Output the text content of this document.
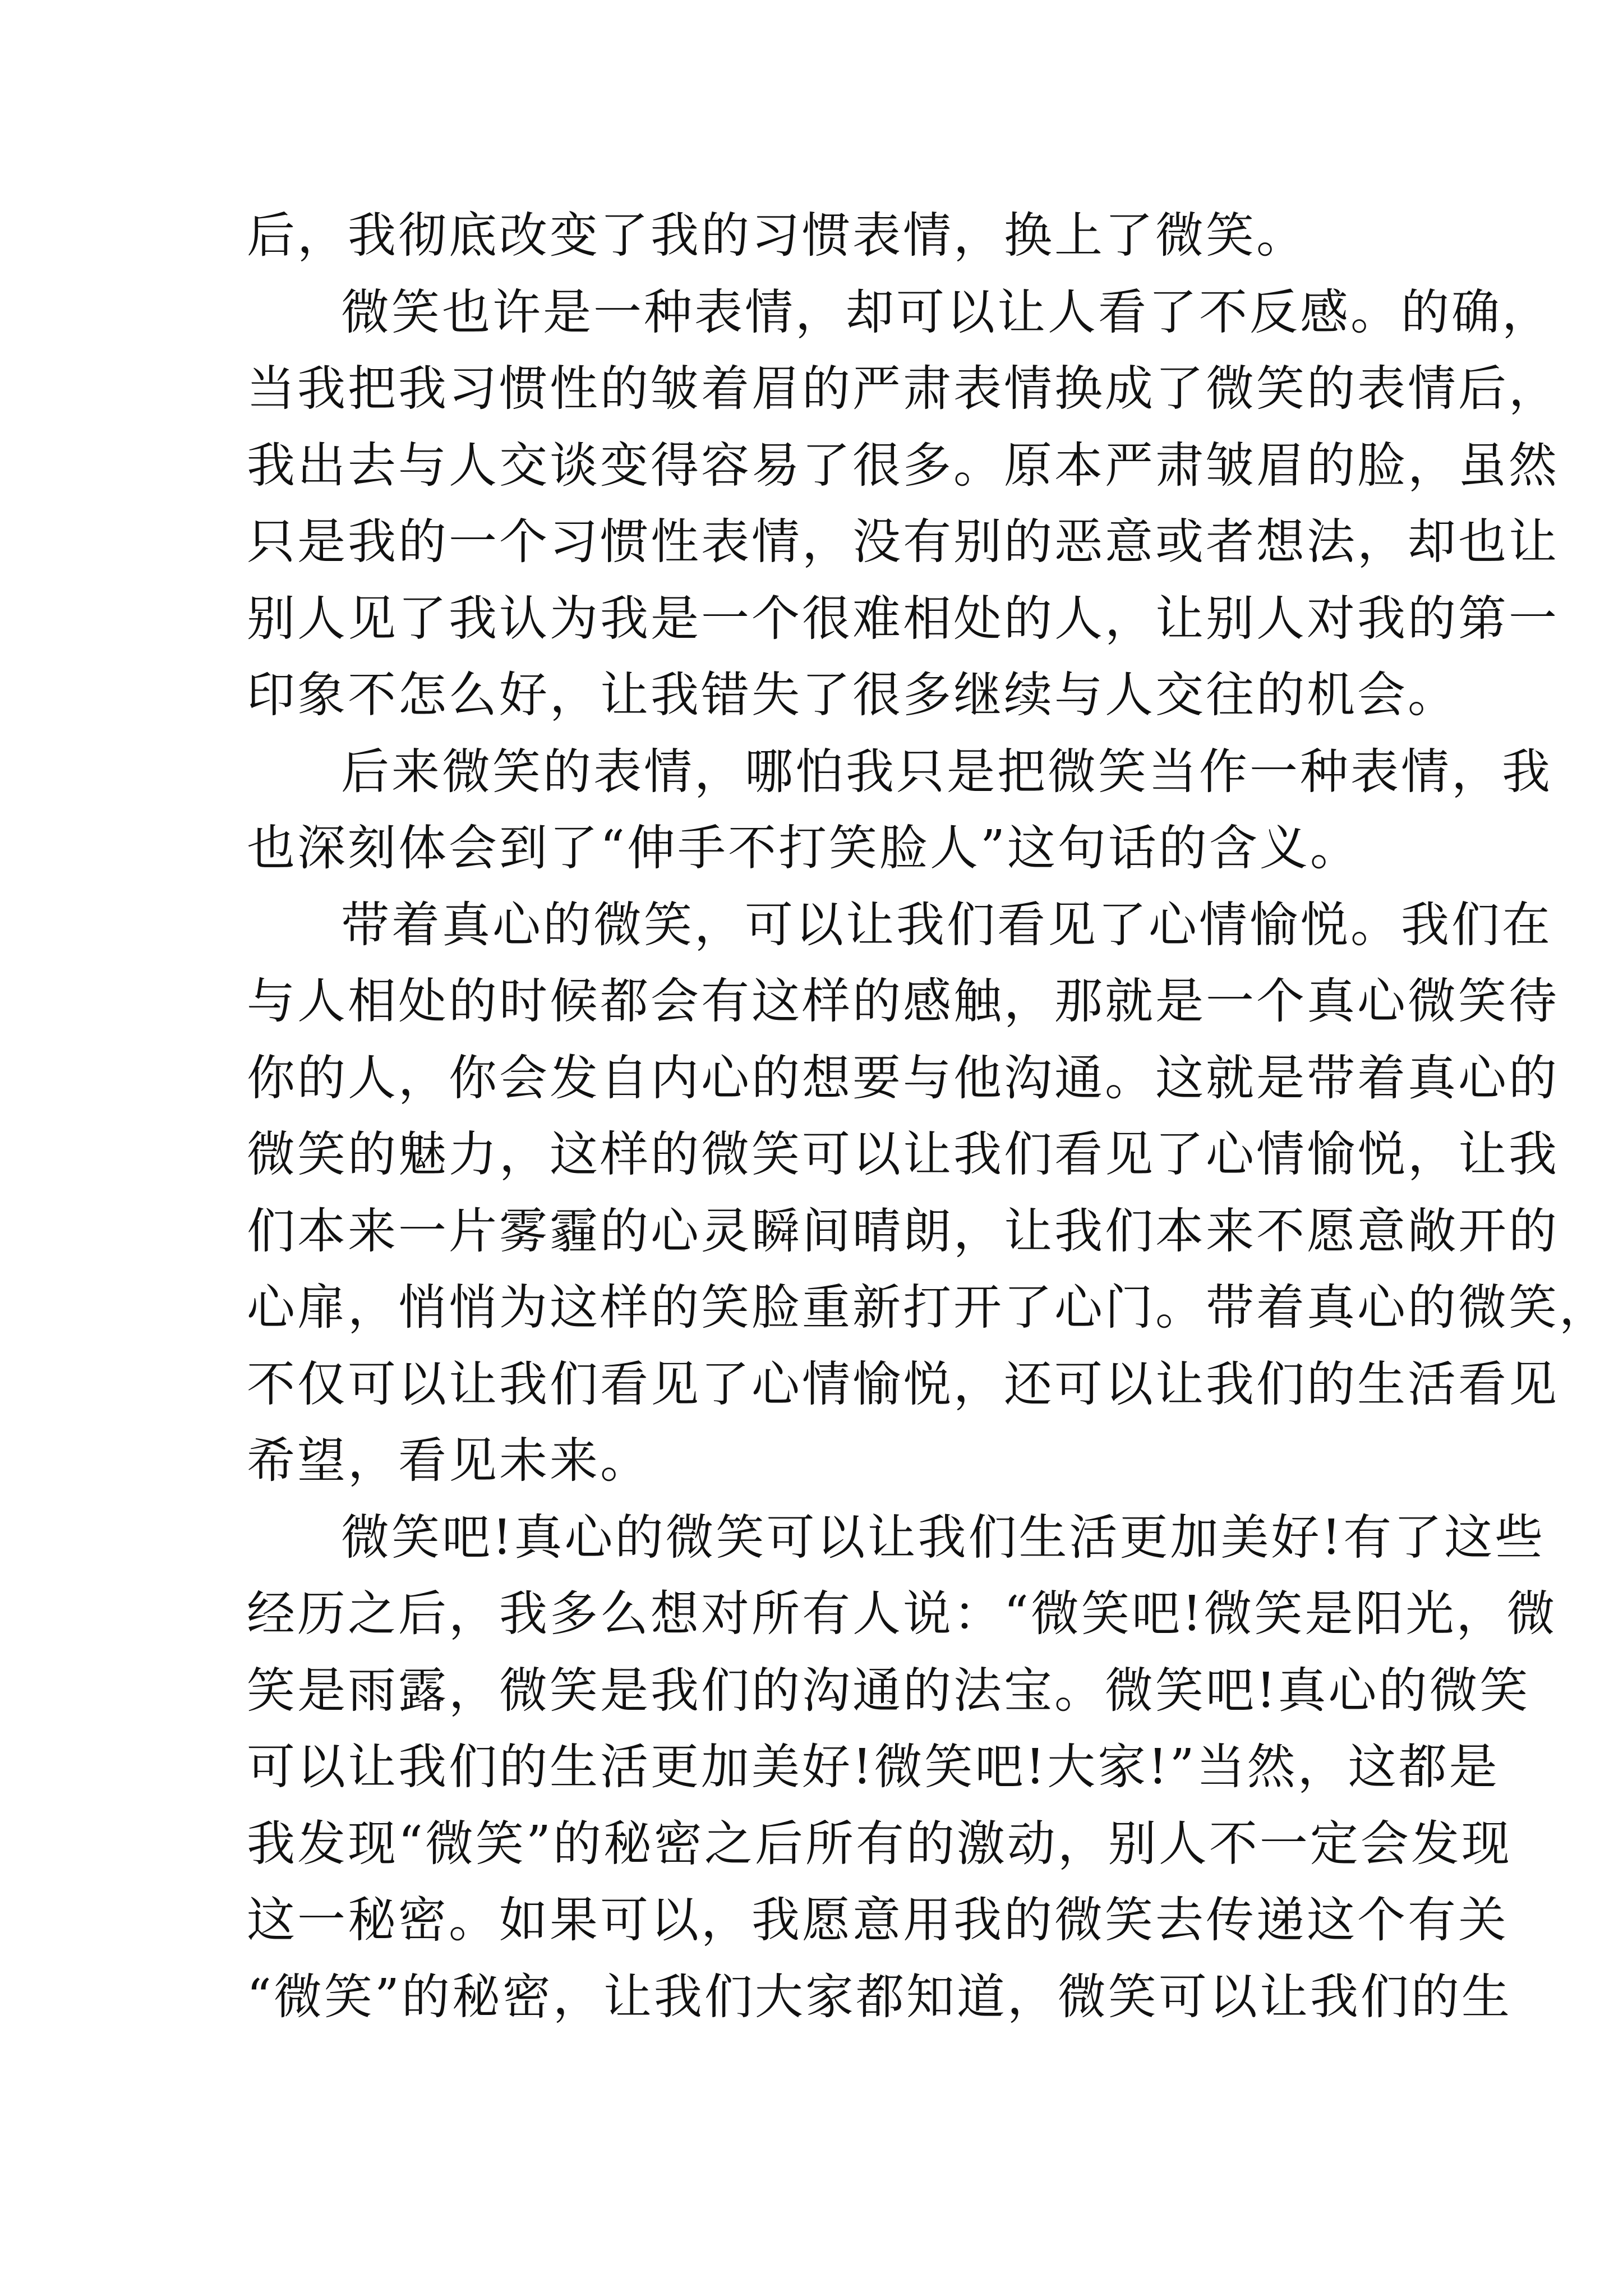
后，我彻底改变了我的习惯表情，换上了微笑。
微笑也许是一种表情，却可以让人看了不反感。的确，
当我把我习惯性的皱着眉的严肃表情换成了微笑的表情后，
我出去与人交谈变得容易了很多。原本严肃皱眉的脸，虽然
只是我的一个习惯性表情，没有别的恶意或者想法，却也让
别人见了我认为我是一个很难相处的人，让别人对我的第一
印象不怎么好，让我错失了很多继续与人交往的机会。
后来微笑的表情，哪怕我只是把微笑当作一种表情，我
也深刻体会到了“伸手不打笑脸人”这句话的含义。
带着真心的微笑，可以让我们看见了心情愉悦。我们在
与人相处的时候都会有这样的感触，那就是一个真心微笑待
你的人，你会发自内心的想要与他沟通。这就是带着真心的
微笑的魅力，这样的微笑可以让我们看见了心情愉悦，让我
们本来一片雾霾的心灵瞬间晴朗，让我们本来不愿意敞开的
心扉，悄悄为这样的笑脸重新打开了心门。带着真心的微笑，
不仅可以让我们看见了心情愉悦，还可以让我们的生活看见
希望，看见未来。
微笑吧!真心的微笑可以让我们生活更加美好!有了这些
经历之后，我多么想对所有人说：“微笑吧!微笑是阳光，微
笑是雨露，微笑是我们的沟通的法宝。微笑吧!真心的微笑
可以让我们的生活更加美好!微笑吧!大家!”当然，这都是
我发现“微笑”的秘密之后所有的激动，别人不一定会发现
这一秘密。如果可以，我愿意用我的微笑去传递这个有关
“微笑”的秘密，让我们大家都知道，微笑可以让我们的生
